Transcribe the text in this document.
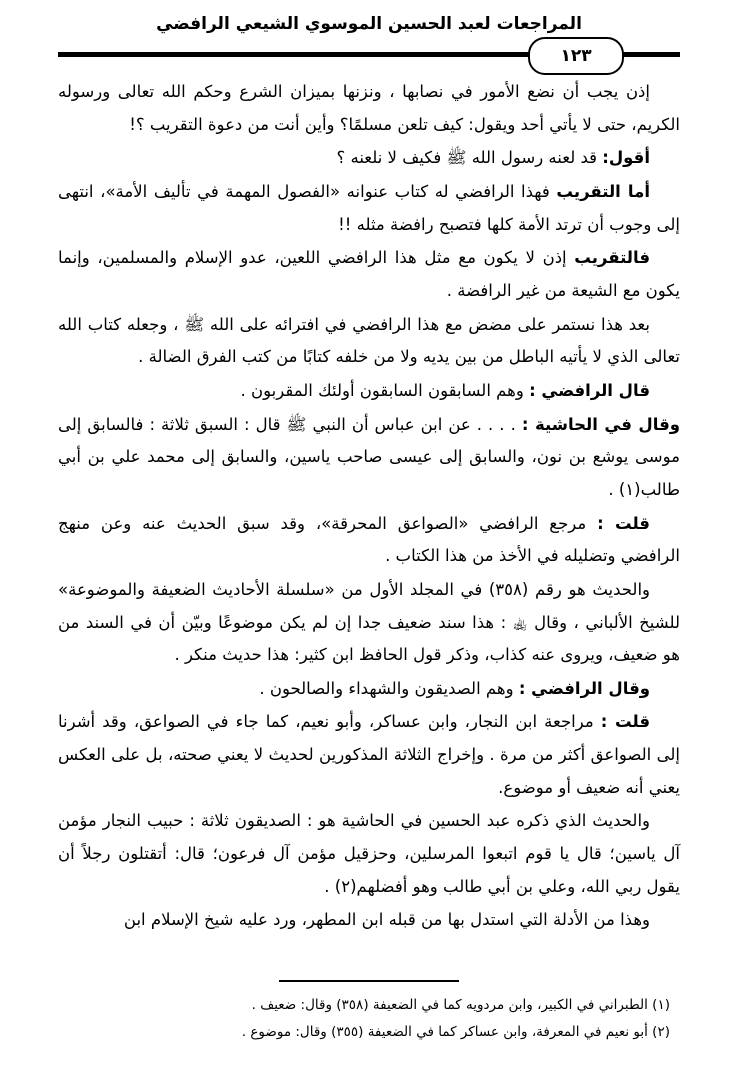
المراجعات لعبد الحسين الموسوي الشيعي الرافضي
١٢٣

إذن يجب أن نضع الأمور في نصابها ، ونزنها بميزان الشرع وحكم الله تعالى ورسوله الكريم، حتى لا يأتي أحد ويقول: كيف تلعن مسلمًا؟ وأين أنت من دعوة التقريب ؟!

أقول: قد لعنه رسول الله ﷺ فكيف لا نلعنه ؟

أما التقريب فهذا الرافضي له كتاب عنوانه «الفصول المهمة في تأليف الأمة»، انتهى إلى وجوب أن ترتد الأمة كلها فتصبح رافضة مثله !!

فالتقريب إذن لا يكون مع مثل هذا الرافضي اللعين، عدو الإسلام والمسلمين، وإنما يكون مع الشيعة من غير الرافضة .

بعد هذا نستمر على مضض مع هذا الرافضي في افترائه على الله ﷺ ، وجعله كتاب الله تعالى الذي لا يأتيه الباطل من بين يديه ولا من خلفه كتابًا من كتب الفرق الضالة .

قال الرافضي : وهم السابقون السابقون أولئك المقربون .

وقال في الحاشية : . . . . عن ابن عباس أن النبي ﷺ قال : السبق ثلاثة : فالسابق إلى موسى يوشع بن نون، والسابق إلى عيسى صاحب ياسين، والسابق إلى محمد علي بن أبي طالب(١) .

قلت : مرجع الرافضي «الصواعق المحرقة»، وقد سبق الحديث عنه وعن منهج الرافضي وتضليله في الأخذ من هذا الكتاب .

والحديث هو رقم (٣٥٨) في المجلد الأول من «سلسلة الأحاديث الضعيفة والموضوعة» للشيخ الألباني ، وقال ﵀ : هذا سند ضعيف جدا إن لم يكن موضوعًا وبيّن أن في السند من هو ضعيف، ويروى عنه كذاب، وذكر قول الحافظ ابن كثير: هذا حديث منكر .

وقال الرافضي : وهم الصديقون والشهداء والصالحون .

قلت : مراجعة ابن النجار، وابن عساكر، وأبو نعيم، كما جاء في الصواعق، وقد أشرنا إلى الصواعق أكثر من مرة . وإخراج الثلاثة المذكورين لحديث لا يعني صحته، بل على العكس يعني أنه ضعيف أو موضوع.

والحديث الذي ذكره عبد الحسين في الحاشية هو : الصديقون ثلاثة : حبيب النجار مؤمن آل ياسين؛ قال يا قوم اتبعوا المرسلين، وحزقيل مؤمن آل فرعون؛ قال: أتقتلون رجلاً أن يقول ربي الله، وعلي بن أبي طالب وهو أفضلهم(٢) .

وهذا من الأدلة التي استدل بها من قبله ابن المطهر، ورد عليه شيخ الإسلام ابن

(١) الطبراني في الكبير، وابن مردويه كما في الضعيفة (٣٥٨) وقال: ضعيف .
(٢) أبو نعيم في المعرفة، وابن عساكر كما في الضعيفة (٣٥٥) وقال: موضوع .
